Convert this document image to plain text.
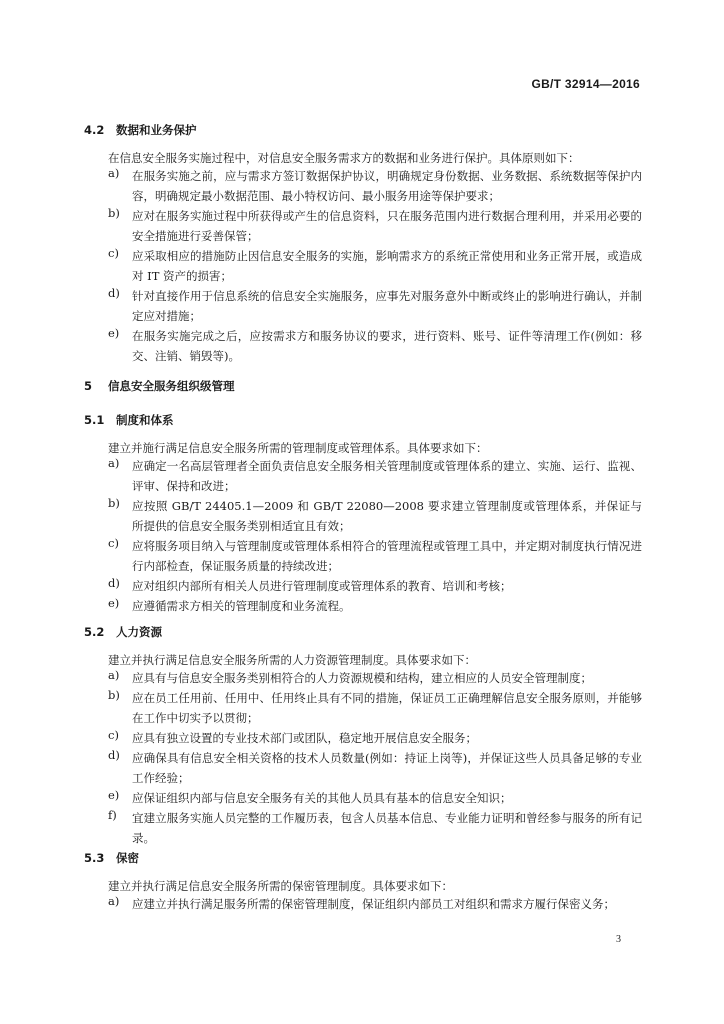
GB/T 32914—2016
4.2 数据和业务保护
在信息安全服务实施过程中，对信息安全服务需求方的数据和业务进行保护。具体原则如下：
a)	在服务实施之前，应与需求方签订数据保护协议，明确规定身份数据、业务数据、系统数据等保护内容，明确规定最小数据范围、最小特权访问、最小服务用途等保护要求；
b)	应对在服务实施过程中所获得或产生的信息资料，只在服务范围内进行数据合理利用，并采用必要的安全措施进行妥善保管；
c)	应采取相应的措施防止因信息安全服务的实施，影响需求方的系统正常使用和业务正常开展，或造成对 IT 资产的损害；
d)	针对直接作用于信息系统的信息安全实施服务，应事先对服务意外中断或终止的影响进行确认，并制定应对措施；
e)	在服务实施完成之后，应按需求方和服务协议的要求，进行资料、账号、证件等清理工作(例如：移交、注销、销毁等)。
5 信息安全服务组织级管理
5.1 制度和体系
建立并施行满足信息安全服务所需的管理制度或管理体系。具体要求如下：
a)	应确定一名高层管理者全面负责信息安全服务相关管理制度或管理体系的建立、实施、运行、监视、评审、保持和改进；
b)	应按照 GB/T 24405.1—2009 和 GB/T 22080—2008 要求建立管理制度或管理体系，并保证与所提供的信息安全服务类别相适宜且有效；
c)	应将服务项目纳入与管理制度或管理体系相符合的管理流程或管理工具中，并定期对制度执行情况进行内部检查，保证服务质量的持续改进；
d)	应对组织内部所有相关人员进行管理制度或管理体系的教育、培训和考核；
e)	应遵循需求方相关的管理制度和业务流程。
5.2 人力资源
建立并执行满足信息安全服务所需的人力资源管理制度。具体要求如下：
a)	应具有与信息安全服务类别相符合的人力资源规模和结构，建立相应的人员安全管理制度；
b)	应在员工任用前、任用中、任用终止具有不同的措施，保证员工正确理解信息安全服务原则，并能够在工作中切实予以贯彻；
c)	应具有独立设置的专业技术部门或团队，稳定地开展信息安全服务；
d)	应确保具有信息安全相关资格的技术人员数量(例如：持证上岗等)，并保证这些人员具备足够的专业工作经验；
e)	应保证组织内部与信息安全服务有关的其他人员具有基本的信息安全知识；
f)	宜建立服务实施人员完整的工作履历表，包含人员基本信息、专业能力证明和曾经参与服务的所有记录。
5.3 保密
建立并执行满足信息安全服务所需的保密管理制度。具体要求如下：
a)	应建立并执行满足服务所需的保密管理制度，保证组织内部员工对组织和需求方履行保密义务；
3
